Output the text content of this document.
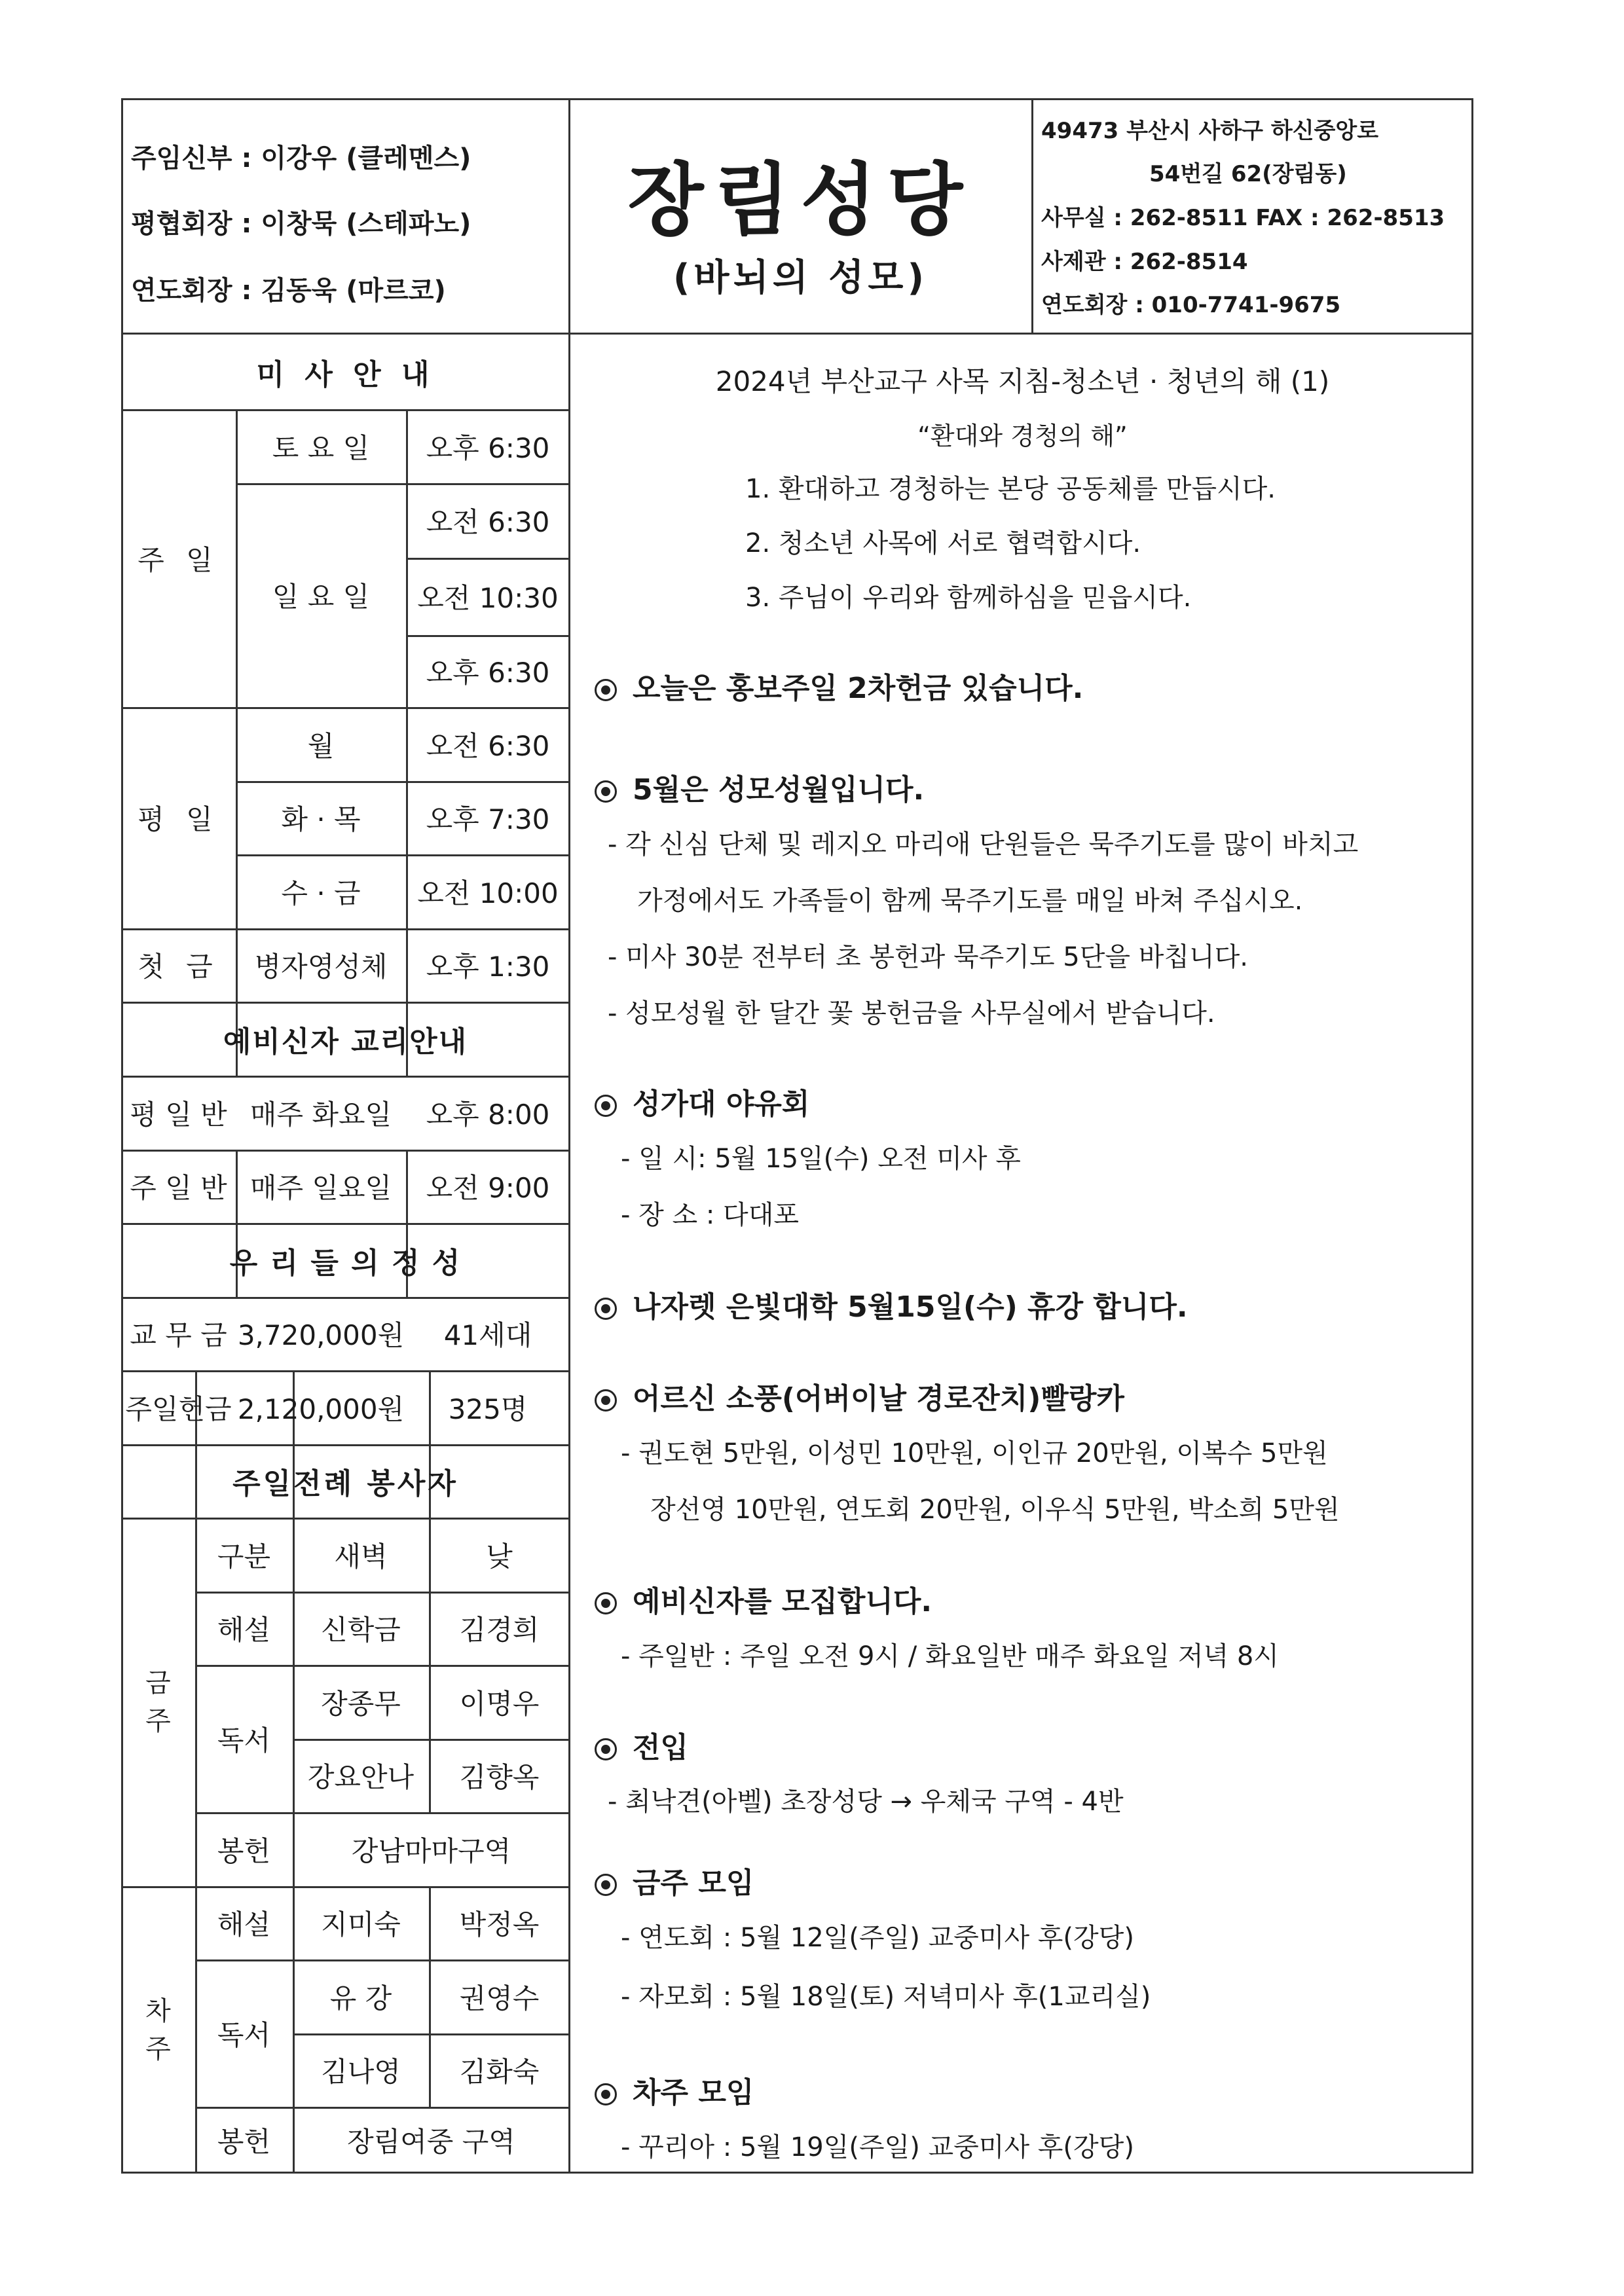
주임신부 : 이강우 (클레멘스)
평협회장 : 이창묵 (스테파노)
연도회장 : 김동욱 (마르코)
장림성당
(바뇌의 성모)
49473 부산시 사하구 하신중앙로
54번길 62(장림동)
사무실 : 262-8511 FAX : 262-8513
사제관 : 262-8514
연도회장 : 010-7741-9675
미 사 안 내
주 일
토 요 일	오후 6:30
일 요 일
오전 6:30
오전 10:30
오후 6:30
평 일
월	오전 6:30
화 · 목	오후 7:30
수 · 금	오전 10:00
첫 금	병자영성체	오후 1:30
예비신자 교리안내
평 일 반 매주 화요일	오후 8:00
주 일 반 매주 일요일	오전 9:00
우 리 들 의 정 성
교 무 금 3,720,000원	41세대
주일헌금 2,120,000원	325명
주일전례 봉사자
금
주
구분	새벽	낮
해설	신학금	김경희
독서
장종무	이명우
강요안나	김향옥
봉헌	강남마마구역
차
주
해설	지미숙	박정옥
독서
유 강	권영수
김나영	김화숙
봉헌	장림여중 구역
2024년 부산교구 사목 지침-청소년 · 청년의 해 (1)
“환대와 경청의 해”
1. 환대하고 경청하는 본당 공동체를 만듭시다.
2. 청소년 사목에 서로 협력합시다.
3. 주님이 우리와 함께하심을 믿읍시다.
오늘은 홍보주일 2차헌금 있습니다.
5월은 성모성월입니다.
- 각 신심 단체 및 레지오 마리애 단원들은 묵주기도를 많이 바치고
가정에서도 가족들이 함께 묵주기도를 매일 바쳐 주십시오.
- 미사 30분 전부터 초 봉헌과 묵주기도 5단을 바칩니다.
- 성모성월 한 달간 꽃 봉헌금을 사무실에서 받습니다.
성가대 야유회
- 일 시: 5월 15일(수) 오전 미사 후
- 장 소 : 다대포
나자렛 은빛대학 5월15일(수) 휴강 합니다.
어르신 소풍(어버이날 경로잔치)빨랑카
- 권도현 5만원, 이성민 10만원, 이인규 20만원, 이복수 5만원
장선영 10만원, 연도회 20만원, 이우식 5만원, 박소희 5만원
예비신자를 모집합니다.
- 주일반 : 주일 오전 9시 / 화요일반 매주 화요일 저녁 8시
전입
- 최낙견(아벨) 초장성당 → 우체국 구역 - 4반
금주 모임
- 연도회 : 5월 12일(주일) 교중미사 후(강당)
- 자모회 : 5월 18일(토) 저녁미사 후(1교리실)
차주 모임
- 꾸리아 : 5월 19일(주일) 교중미사 후(강당)
